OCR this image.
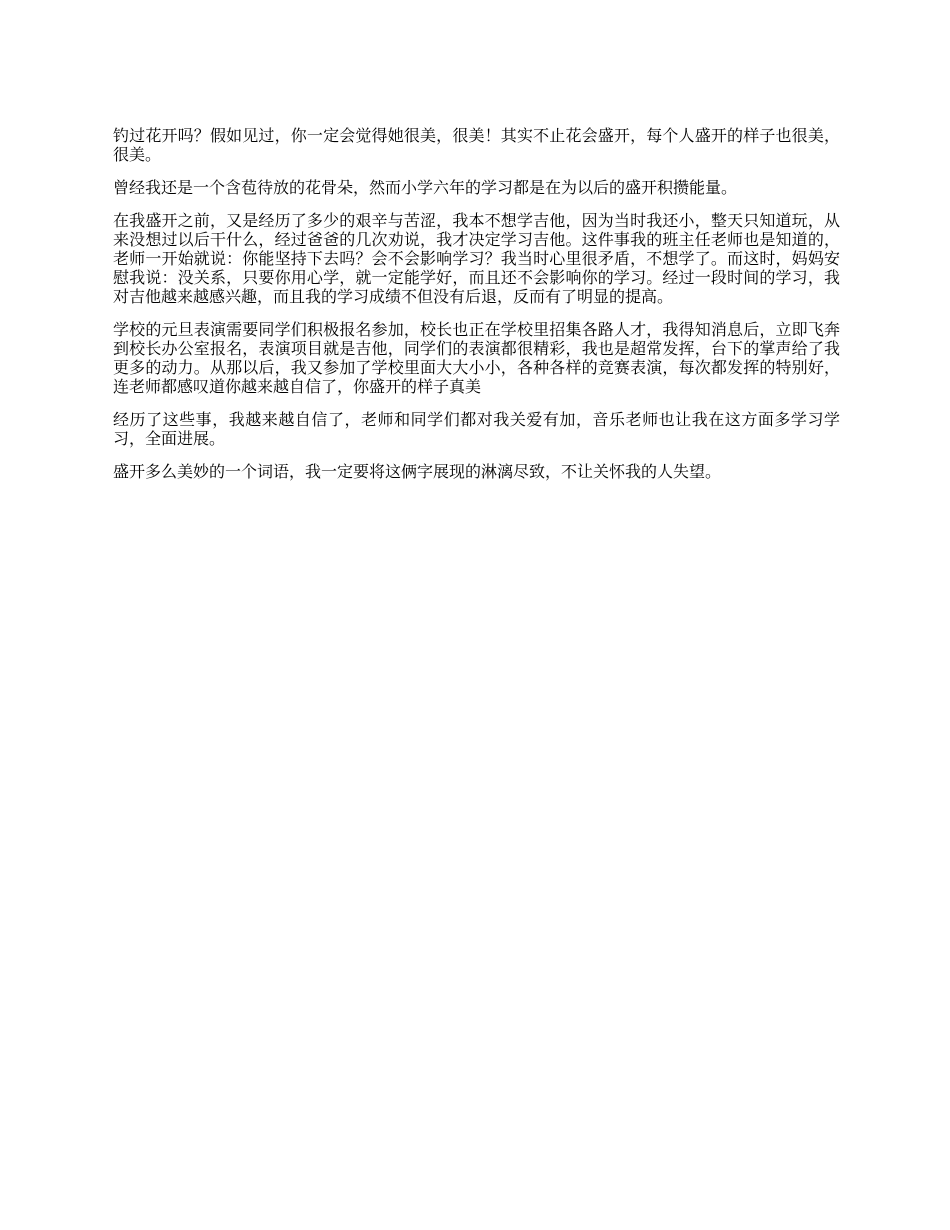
钓过花开吗？假如见过，你一定会觉得她很美，很美！其实不止花会盛开，每个人盛开的样子也很美，很美。

曾经我还是一个含苞待放的花骨朵，然而小学六年的学习都是在为以后的盛开积攒能量。

在我盛开之前，又是经历了多少的艰辛与苦涩，我本不想学吉他，因为当时我还小，整天只知道玩，从来没想过以后干什么，经过爸爸的几次劝说，我才决定学习吉他。这件事我的班主任老师也是知道的，老师一开始就说：你能坚持下去吗？会不会影响学习？我当时心里很矛盾，不想学了。而这时，妈妈安慰我说：没关系，只要你用心学，就一定能学好，而且还不会影响你的学习。经过一段时间的学习，我对吉他越来越感兴趣，而且我的学习成绩不但没有后退，反而有了明显的提高。

学校的元旦表演需要同学们积极报名参加，校长也正在学校里招集各路人才，我得知消息后，立即飞奔到校长办公室报名，表演项目就是吉他，同学们的表演都很精彩，我也是超常发挥，台下的掌声给了我更多的动力。从那以后，我又参加了学校里面大大小小，各种各样的竞赛表演，每次都发挥的特别好，连老师都感叹道你越来越自信了，你盛开的样子真美

经历了这些事，我越来越自信了，老师和同学们都对我关爱有加，音乐老师也让我在这方面多学习学习，全面进展。

盛开多么美妙的一个词语，我一定要将这俩字展现的淋漓尽致，不让关怀我的人失望。
